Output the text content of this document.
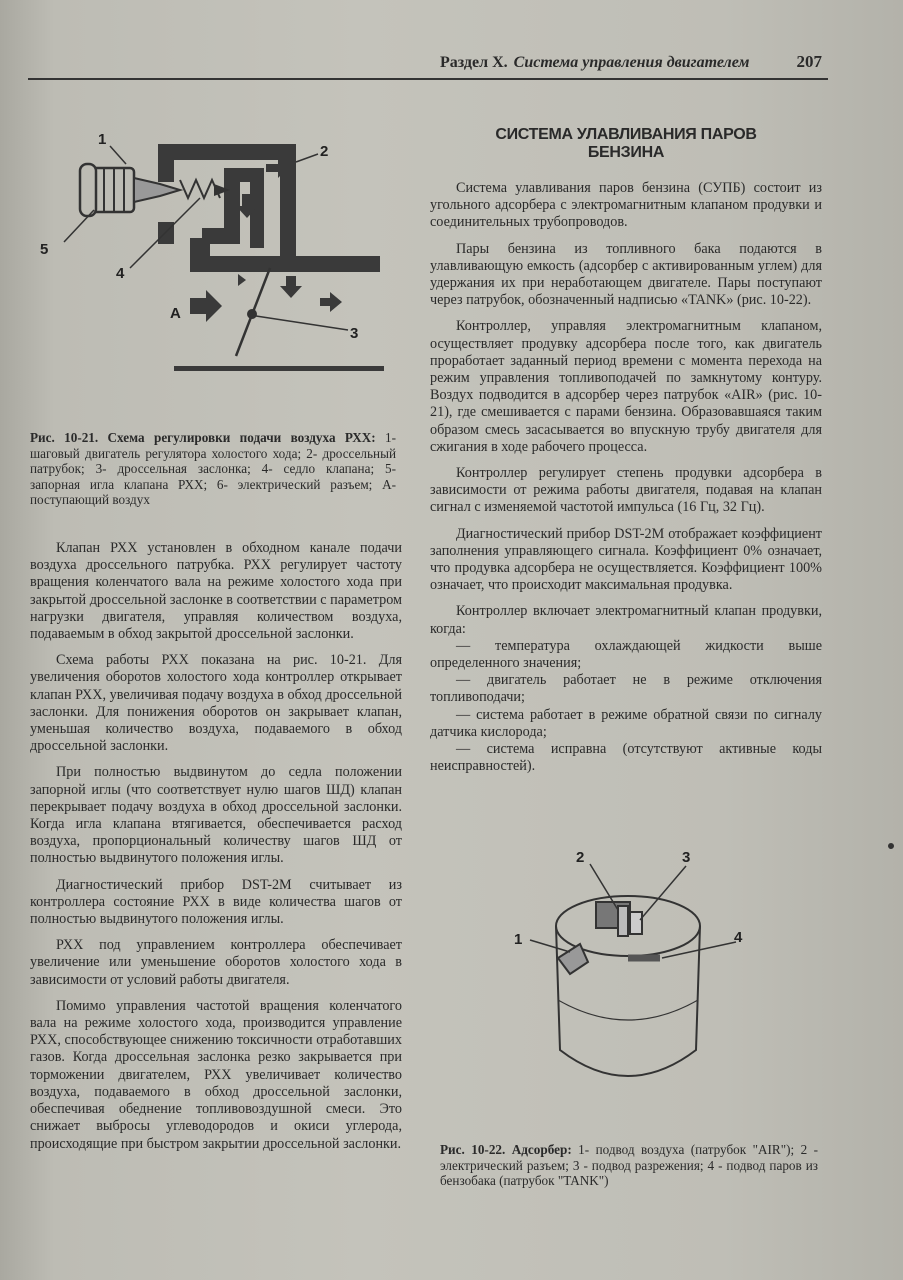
Раздел X. Система управления двигателем	207
1
2
3
4
5
A
Рис. 10-21. Схема регулировки подачи воздуха РХХ: 1- шаговый двигатель регулятора холостого хода; 2- дроссельный патрубок; 3- дроссельная заслонка; 4- седло клапана; 5- запорная игла клапана РХХ; 6- электрический разъем; А- поступающий воздух

Клапан РХХ установлен в обходном канале подачи воздуха дроссельного патрубка. РХХ регулирует частоту вращения коленчатого вала на режиме холостого хода при закрытой дроссельной заслонке в соответствии с параметром нагрузки двигателя, управляя количеством воздуха, подаваемым в обход закрытой дроссельной заслонки.

Схема работы РХХ показана на рис. 10-21. Для увеличения оборотов холостого хода контроллер открывает клапан РХХ, увеличивая подачу воздуха в обход дроссельной заслонки. Для понижения оборотов он закрывает клапан, уменьшая количество воздуха, подаваемого в обход дроссельной заслонки.

При полностью выдвинутом до седла положении запорной иглы (что соответствует нулю шагов ШД) клапан перекрывает подачу воздуха в обход дроссельной заслонки. Когда игла клапана втягивается, обеспечивается расход воздуха, пропорциональный количеству шагов ШД от полностью выдвинутого положения иглы.

Диагностический прибор DST-2M считывает из контроллера состояние РХХ в виде количества шагов от полностью выдвинутого положения иглы.

РХХ под управлением контроллера обеспечивает увеличение или уменьшение оборотов холостого хода в зависимости от условий работы двигателя.

Помимо управления частотой вращения коленчатого вала на режиме холостого хода, производится управление РХХ, способствующее снижению токсичности отработавших газов. Когда дроссельная заслонка резко закрывается при торможении двигателем, РХХ увеличивает количество воздуха, подаваемого в обход дроссельной заслонки, обеспечивая обеднение топливовоздушной смеси. Это снижает выбросы углеводородов и окиси углерода, происходящие при быстром закрытии дроссельной заслонки.

СИСТЕМА УЛАВЛИВАНИЯ ПАРОВ
БЕНЗИНА

Система улавливания паров бензина (СУПБ) состоит из угольного адсорбера с электромагнитным клапаном продувки и соединительных трубопроводов.

Пары бензина из топливного бака подаются в улавливающую емкость (адсорбер с активированным углем) для удержания их при неработающем двигателе. Пары поступают через патрубок, обозначенный надписью «TANK» (рис. 10-22).

Контроллер, управляя электромагнитным клапаном, осуществляет продувку адсорбера после того, как двигатель проработает заданный период времени с момента перехода на режим управления топливоподачей по замкнутому контуру. Воздух подводится в адсорбер через патрубок «AIR» (рис. 10-21), где смешивается с парами бензина. Образовавшаяся таким образом смесь засасывается во впускную трубу двигателя для сжигания в ходе рабочего процесса.

Контроллер регулирует степень продувки адсорбера в зависимости от режима работы двигателя, подавая на клапан сигнал с изменяемой частотой импульса (16 Гц, 32 Гц).

Диагностический прибор DST-2M отображает коэффициент заполнения управляющего сигнала. Коэффициент 0% означает, что продувка адсорбера не осуществляется. Коэффициент 100% означает, что происходит максимальная продувка.

Контроллер включает электромагнитный клапан продувки, когда:

— температура охлаждающей жидкости выше определенного значения;

— двигатель работает не в режиме отключения топливоподачи;

— система работает в режиме обратной связи по сигналу датчика кислорода;

— система исправна (отсутствуют активные коды неисправностей).

1
2	3
4
Рис. 10-22. Адсорбер: 1- подвод воздуха (патрубок "AIR"); 2 - электрический разъем; 3 - подвод разрежения; 4 - подвод паров из бензобака (патрубок "TANK")
